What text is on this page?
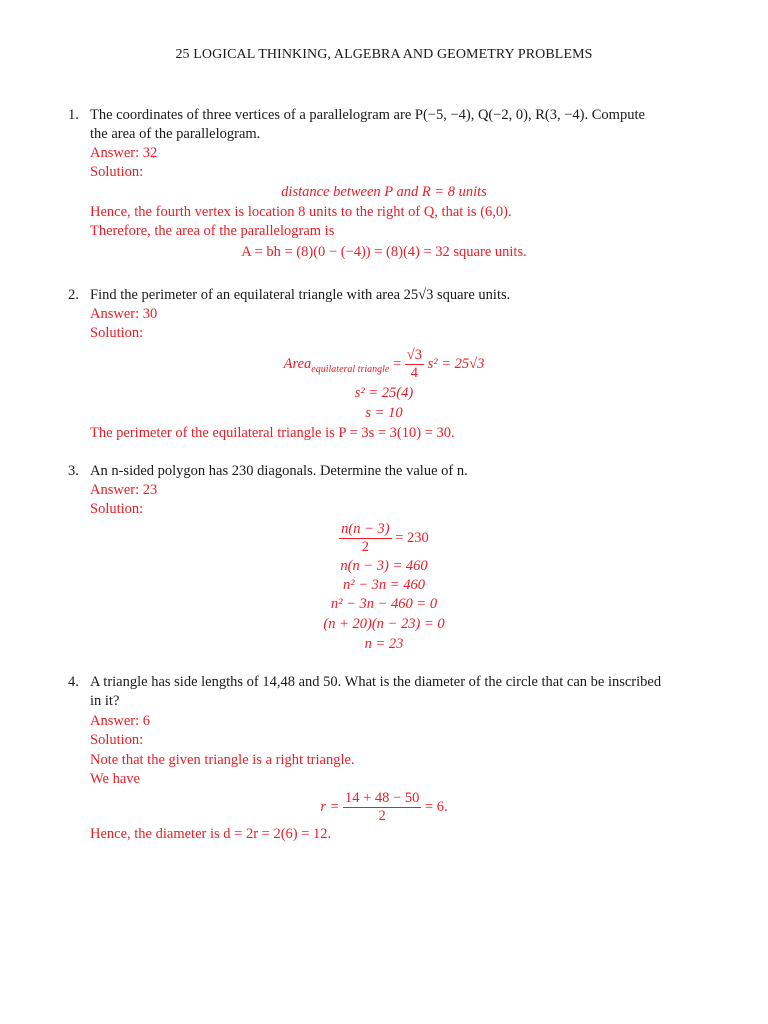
25 LOGICAL THINKING, ALGEBRA AND GEOMETRY PROBLEMS
1. The coordinates of three vertices of a parallelogram are P(−5, −4), Q(−2, 0), R(3, −4). Compute
the area of the parallelogram.
Answer: 32
Solution:
distance between P and R = 8 units
Hence, the fourth vertex is location 8 units to the right of Q, that is (6,0).
Therefore, the area of the parallelogram is
A = bh = (8)(0 − (−4)) = (8)(4) = 32 square units.
2. Find the perimeter of an equilateral triangle with area 25√3 square units.
Answer: 30
Solution:
Area$_{equilateral triangle}$ = $\frac{√3}{4} s^2 = 25√3$
s² = 25(4)
s = 10
The perimeter of the equilateral triangle is P = 3s = 3(10) = 30.
3. An n-sided polygon has 230 diagonals. Determine the value of n.
Answer: 23
Solution:
$\frac{n(n - 3)}{2} = 230$
n(n − 3) = 460
n² − 3n = 460
n² − 3n − 460 = 0
(n + 20)(n − 23) = 0
n = 23
4. A triangle has side lengths of 14,48 and 50. What is the diameter of the circle that can be inscribed
in it?
Answer: 6
Solution:
Note that the given triangle is a right triangle.
We have
$r = \frac{14 + 48 - 50}{2} = 6$.
Hence, the diameter is d = 2r = 2(6) = 12.
